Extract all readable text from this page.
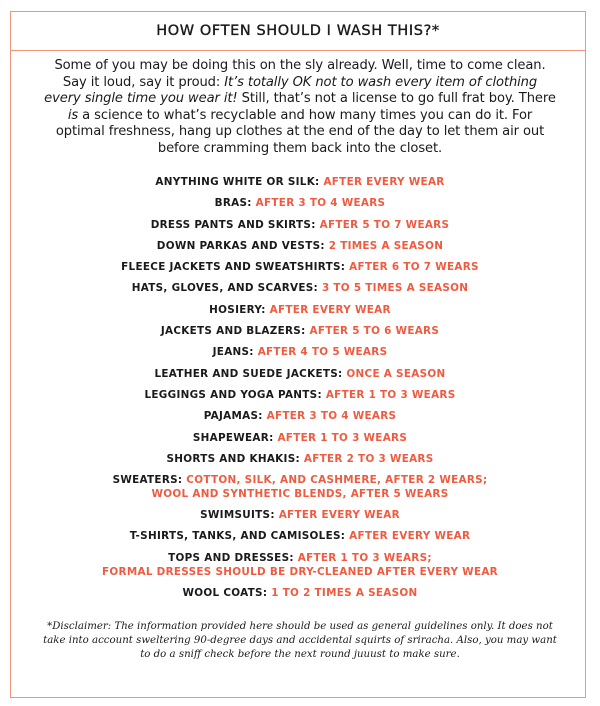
HOW OFTEN SHOULD I WASH THIS?*
Some of you may be doing this on the sly already. Well, time to come clean. Say it loud, say it proud: It’s totally OK not to wash every item of clothing every single time you wear it! Still, that’s not a license to go full frat boy. There is a science to what’s recyclable and how many times you can do it. For optimal freshness, hang up clothes at the end of the day to let them air out before cramming them back into the closet.
ANYTHING WHITE OR SILK: AFTER EVERY WEAR
BRAS: AFTER 3 TO 4 WEARS
DRESS PANTS AND SKIRTS: AFTER 5 TO 7 WEARS
DOWN PARKAS AND VESTS: 2 TIMES A SEASON
FLEECE JACKETS AND SWEATSHIRTS: AFTER 6 TO 7 WEARS
HATS, GLOVES, AND SCARVES: 3 TO 5 TIMES A SEASON
HOSIERY: AFTER EVERY WEAR
JACKETS AND BLAZERS: AFTER 5 TO 6 WEARS
JEANS: AFTER 4 TO 5 WEARS
LEATHER AND SUEDE JACKETS: ONCE A SEASON
LEGGINGS AND YOGA PANTS: AFTER 1 TO 3 WEARS
PAJAMAS: AFTER 3 TO 4 WEARS
SHAPEWEAR: AFTER 1 TO 3 WEARS
SHORTS AND KHAKIS: AFTER 2 TO 3 WEARS
SWEATERS: COTTON, SILK, AND CASHMERE, AFTER 2 WEARS;
WOOL AND SYNTHETIC BLENDS, AFTER 5 WEARS
SWIMSUITS: AFTER EVERY WEAR
T-SHIRTS, TANKS, AND CAMISOLES: AFTER EVERY WEAR
TOPS AND DRESSES: AFTER 1 TO 3 WEARS;
FORMAL DRESSES SHOULD BE DRY-CLEANED AFTER EVERY WEAR
WOOL COATS: 1 TO 2 TIMES A SEASON
*Disclaimer: The information provided here should be used as general guidelines only. It does not take into account sweltering 90-degree days and accidental squirts of sriracha. Also, you may want to do a sniff check before the next round juuust to make sure.
